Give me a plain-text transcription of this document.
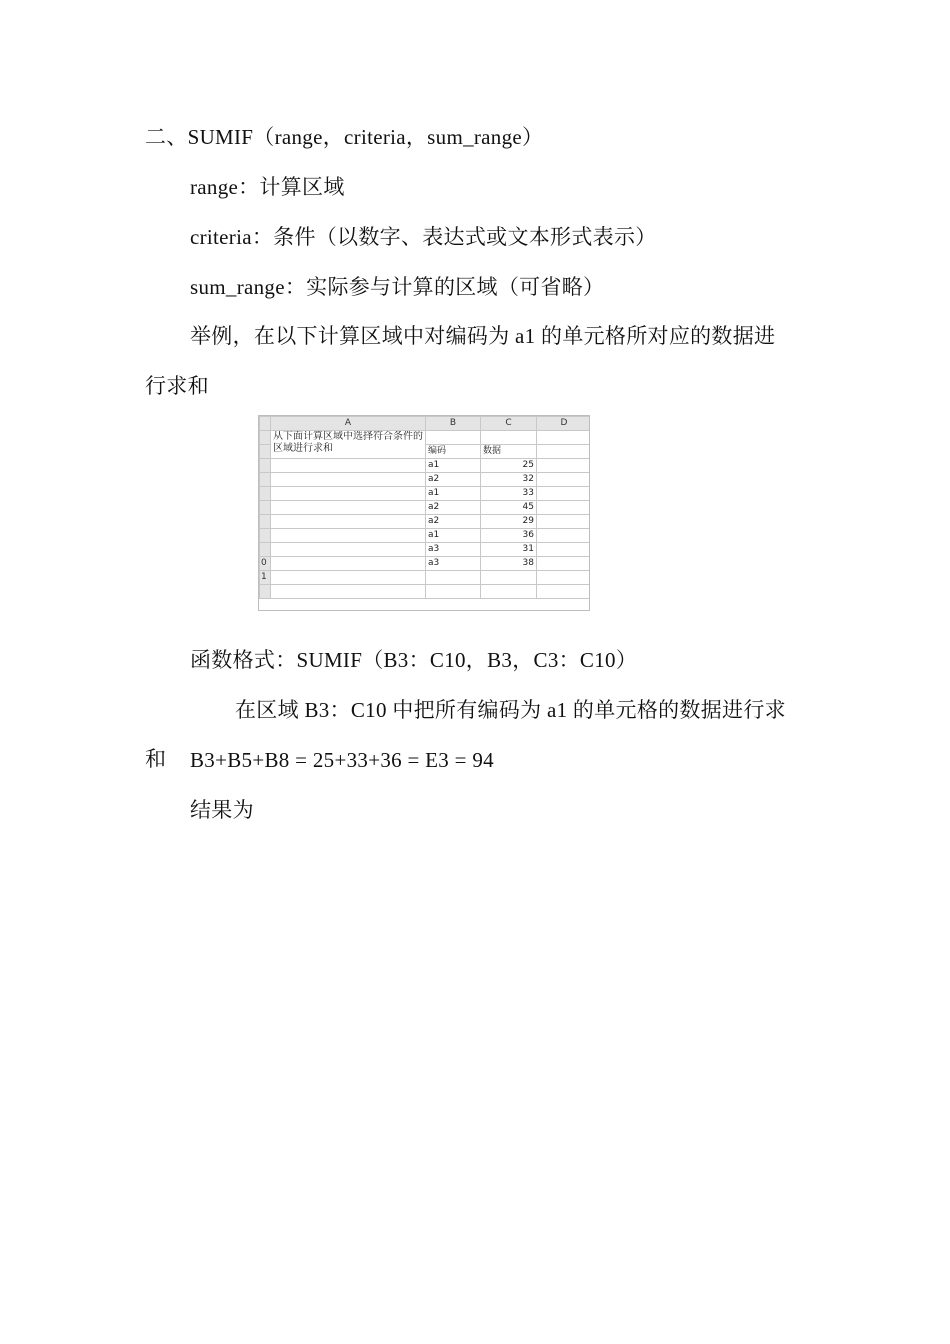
二、SUMIF（range，criteria，sum_range）
range：计算区域
criteria：条件（以数字、表达式或文本形式表示）
sum_range：实际参与计算的区域（可省略）
举例，在以下计算区域中对编码为 a1 的单元格所对应的数据进
行求和
	A	B	C	D
	从下面计算区域中选择符合条件的区域进行求和			
		编码	数据	
		a1	25	
		a2	32	
		a1	33	
		a2	45	
		a2	29	
		a1	36	
		a3	31	
0		a3	38	
1				

函数格式：SUMIF（B3：C10，B3，C3：C10）
在区域 B3：C10 中把所有编码为 a1 的单元格的数据进行求
和 B3+B5+B8 = 25+33+36 = E3 = 94
结果为
